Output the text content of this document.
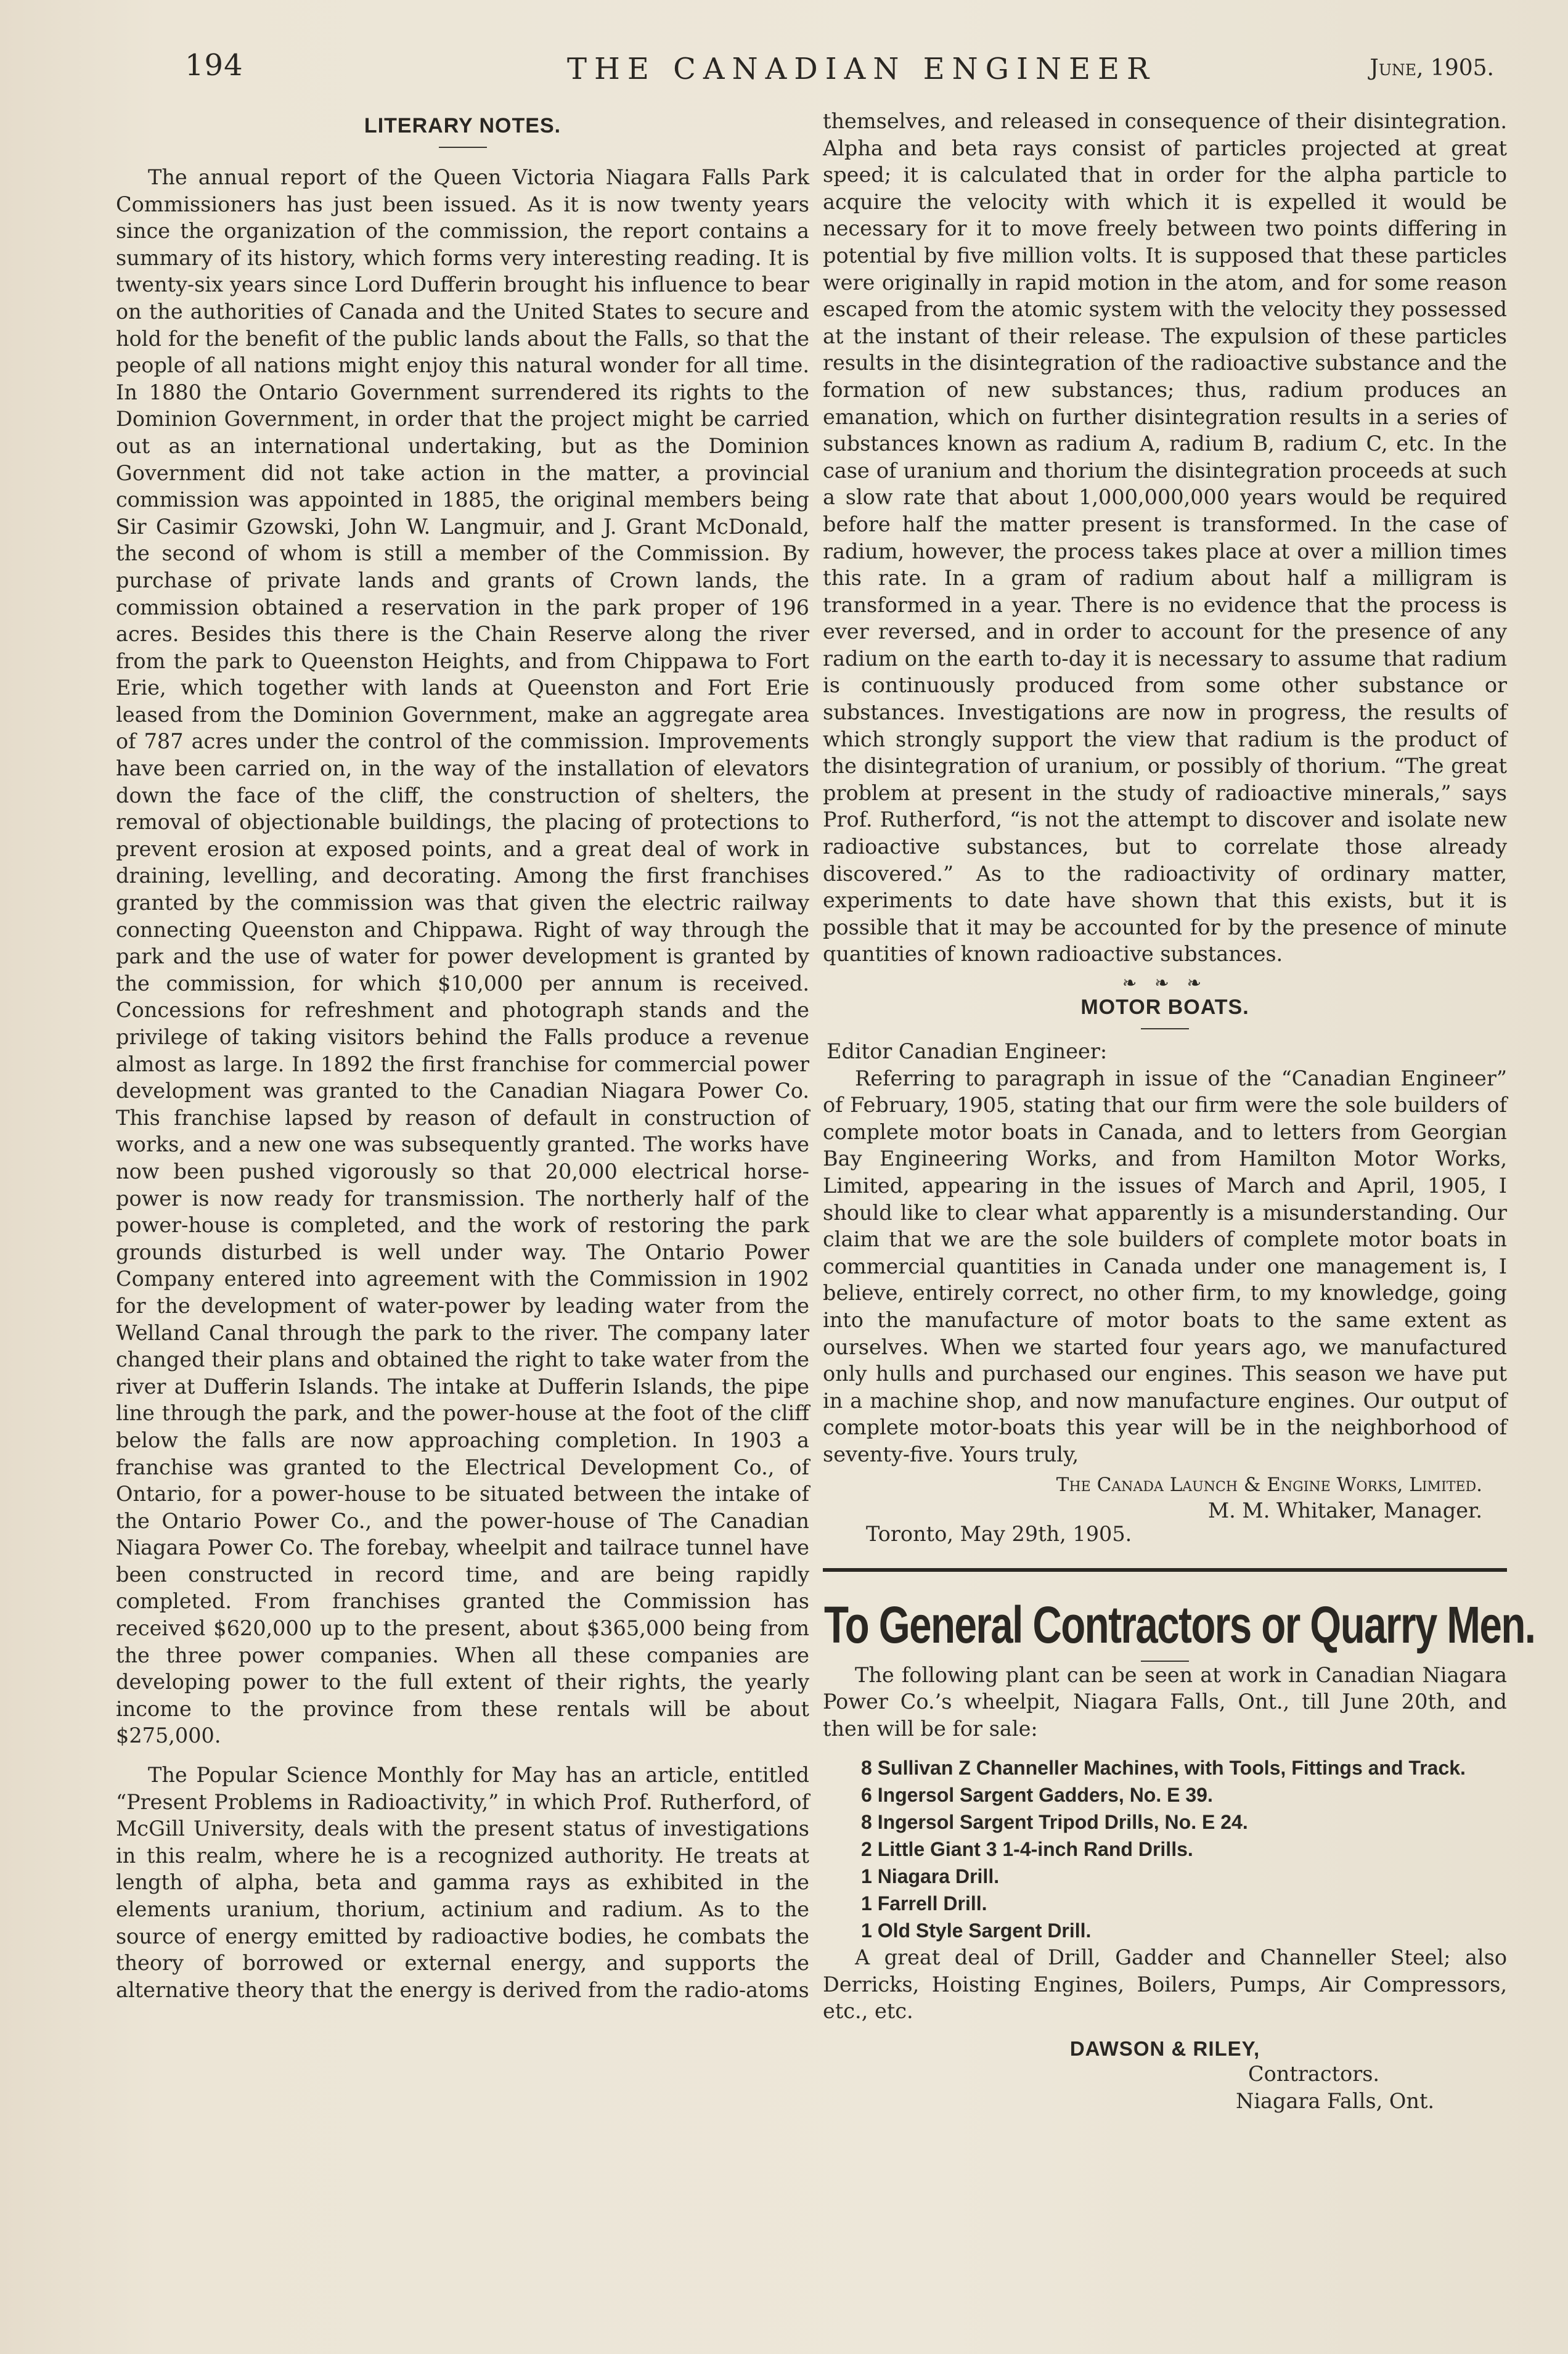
194	THE CANADIAN ENGINEER	June, 1905.
LITERARY NOTES.

The annual report of the Queen Victoria Niagara Falls Park Commissioners has just been issued. As it is now twenty years since the organization of the commission, the report contains a summary of its history, which forms very interesting reading. It is twenty-six years since Lord Dufferin brought his influence to bear on the authorities of Canada and the United States to secure and hold for the benefit of the public lands about the Falls, so that the people of all nations might enjoy this natural wonder for all time. In 1880 the Ontario Government surrendered its rights to the Dominion Government, in order that the project might be carried out as an international undertaking, but as the Dominion Government did not take action in the matter, a provincial commission was appointed in 1885, the original members being Sir Casimir Gzowski, John W. Langmuir, and J. Grant McDonald, the second of whom is still a member of the Commission. By purchase of private lands and grants of Crown lands, the commission obtained a reservation in the park proper of 196 acres. Besides this there is the Chain Reserve along the river from the park to Queenston Heights, and from Chippawa to Fort Erie, which together with lands at Queenston and Fort Erie leased from the Dominion Government, make an aggregate area of 787 acres under the control of the commission. Improvements have been carried on, in the way of the installation of elevators down the face of the cliff, the construction of shelters, the removal of objectionable buildings, the placing of protections to prevent erosion at exposed points, and a great deal of work in draining, levelling, and decorating. Among the first franchises granted by the commission was that given the electric railway connecting Queenston and Chippawa. Right of way through the park and the use of water for power development is granted by the commission, for which $10,000 per annum is received. Concessions for refreshment and photograph stands and the privilege of taking visitors behind the Falls produce a revenue almost as large. In 1892 the first franchise for commercial power development was granted to the Canadian Niagara Power Co. This franchise lapsed by reason of default in construction of works, and a new one was subsequently granted. The works have now been pushed vigorously so that 20,000 electrical horse-power is now ready for transmission. The northerly half of the power-house is completed, and the work of restoring the park grounds disturbed is well under way. The Ontario Power Company entered into agreement with the Commission in 1902 for the development of water-power by leading water from the Welland Canal through the park to the river. The company later changed their plans and obtained the right to take water from the river at Dufferin Islands. The intake at Dufferin Islands, the pipe line through the park, and the power-house at the foot of the cliff below the falls are now approaching completion. In 1903 a franchise was granted to the Electrical Development Co., of Ontario, for a power-house to be situated between the intake of the Ontario Power Co., and the power-house of The Canadian Niagara Power Co. The forebay, wheelpit and tailrace tunnel have been constructed in record time, and are being rapidly completed. From franchises granted the Commission has received $620,000 up to the present, about $365,000 being from the three power companies. When all these companies are developing power to the full extent of their rights, the yearly income to the province from these rentals will be about $275,000.

The Popular Science Monthly for May has an article, entitled “Present Problems in Radioactivity,” in which Prof. Rutherford, of McGill University, deals with the present status of investigations in this realm, where he is a recognized authority. He treats at length of alpha, beta and gamma rays as exhibited in the elements uranium, thorium, actinium and radium. As to the source of energy emitted by radioactive bodies, he combats the theory of borrowed or external energy, and supports the alternative theory that the energy is derived from the radio-atoms

themselves, and released in consequence of their disintegration. Alpha and beta rays consist of particles projected at great speed; it is calculated that in order for the alpha particle to acquire the velocity with which it is expelled it would be necessary for it to move freely between two points differing in potential by five million volts. It is supposed that these particles were originally in rapid motion in the atom, and for some reason escaped from the atomic system with the velocity they possessed at the instant of their release. The expulsion of these particles results in the disintegration of the radioactive substance and the formation of new substances; thus, radium produces an emanation, which on further disintegration results in a series of substances known as radium A, radium B, radium C, etc. In the case of uranium and thorium the disintegration proceeds at such a slow rate that about 1,000,000,000 years would be required before half the matter present is transformed. In the case of radium, however, the process takes place at over a million times this rate. In a gram of radium about half a milligram is transformed in a year. There is no evidence that the process is ever reversed, and in order to account for the presence of any radium on the earth to-day it is necessary to assume that radium is continuously produced from some other substance or substances. Investigations are now in progress, the results of which strongly support the view that radium is the product of the disintegration of uranium, or possibly of thorium. “The great problem at present in the study of radioactive minerals,” says Prof. Rutherford, “is not the attempt to discover and isolate new radioactive substances, but to correlate those already discovered.” As to the radioactivity of ordinary matter, experiments to date have shown that this exists, but it is possible that it may be accounted for by the presence of minute quantities of known radioactive substances.

❧ ❧ ❧
MOTOR BOATS.
Editor Canadian Engineer:

Referring to paragraph in issue of the “Canadian Engineer” of February, 1905, stating that our firm were the sole builders of complete motor boats in Canada, and to letters from Georgian Bay Engineering Works, and from Hamilton Motor Works, Limited, appearing in the issues of March and April, 1905, I should like to clear what apparently is a misunderstanding. Our claim that we are the sole builders of complete motor boats in commercial quantities in Canada under one management is, I believe, entirely correct, no other firm, to my knowledge, going into the manufacture of motor boats to the same extent as ourselves. When we started four years ago, we manufactured only hulls and purchased our engines. This season we have put in a machine shop, and now manufacture engines. Our output of complete motor-boats this year will be in the neighborhood of seventy-five. Yours truly,

The Canada Launch & Engine Works, Limited.
M. M. Whitaker, Manager.
Toronto, May 29th, 1905.
To General Contractors or Quarry Men.

The following plant can be seen at work in Canadian Niagara Power Co.’s wheelpit, Niagara Falls, Ont., till June 20th, and then will be for sale:

8 Sullivan Z Channeller Machines, with Tools, Fittings and Track.
6 Ingersol Sargent Gadders, No. E 39.
8 Ingersol Sargent Tripod Drills, No. E 24.
2 Little Giant 3 1-4-inch Rand Drills.
1 Niagara Drill.
1 Farrell Drill.
1 Old Style Sargent Drill.

A great deal of Drill, Gadder and Channeller Steel; also Derricks, Hoisting Engines, Boilers, Pumps, Air Compressors, etc., etc.

DAWSON & RILEY,
Contractors.
Niagara Falls, Ont.
